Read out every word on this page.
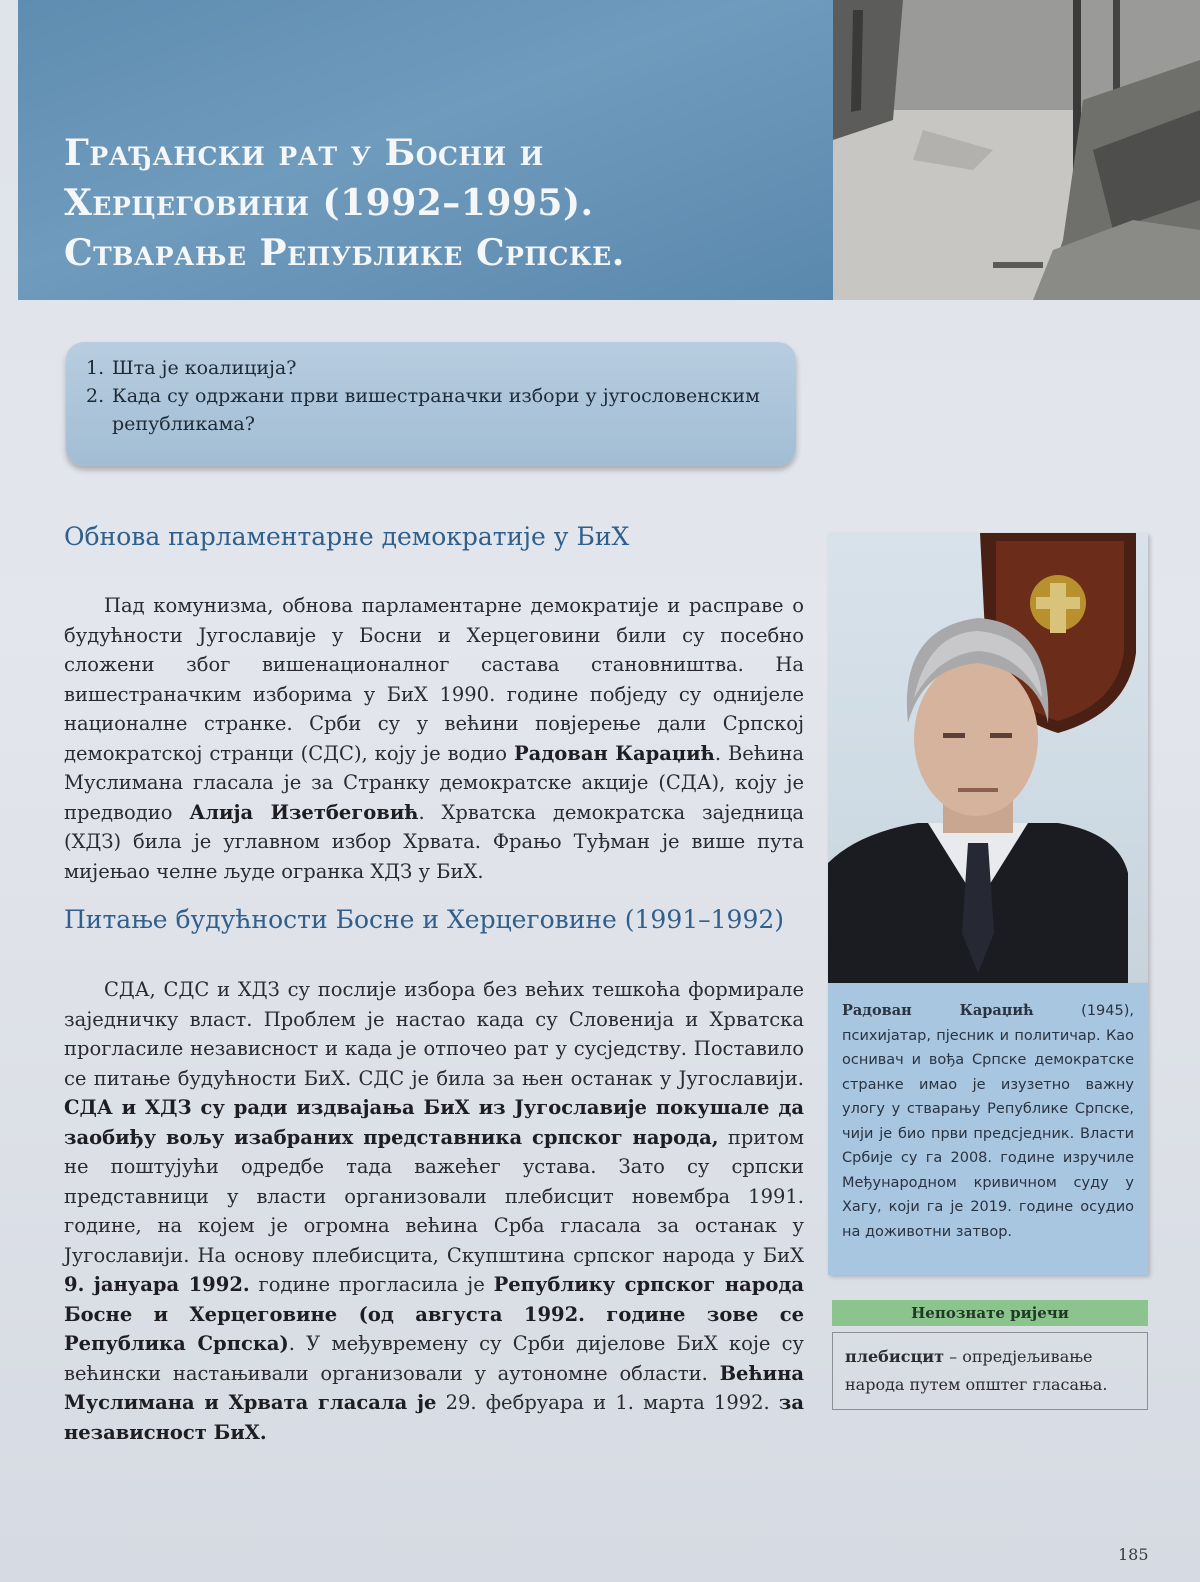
Грађански рат у Босни и
Херцеговини (1992–1995).
Стварање Републике Српске.
1. Шта је коалиција?
2. Када су одржани први вишестраначки избори у југословенским републикама?
Обнова парламентарне демократије у БиХ

Пад комунизма, обнова парламентарне демократије и расправе о будућности Југославије у Босни и Херцеговини били су посебно сложени због вишенационалног састава становништва. На вишестраначким изборима у БиХ 1990. године побједу су однијеле националне странке. Срби су у већини повјерење дали Српској демократској странци (СДС), коју је водио Радован Караџић. Већина Муслимана гласала је за Странку демократске акције (СДА), коју је предводио Алија Изетбеговић. Хрватска демократска заједница (ХДЗ) била је углавном избор Хрвата. Фрањо Туђман је више пута мијењао челне људе огранка ХДЗ у БиХ.

Питање будућности Босне и Херцеговине (1991–1992)

СДА, СДС и ХДЗ су послије избора без већих тешкоћа формирале заједничку власт. Проблем је настао када су Словенија и Хрватска прогласиле независност и када је отпочео рат у сусједству. Поставило се питање будућности БиХ. СДС је била за њен останак у Југославији. СДА и ХДЗ су ради издвајања БиХ из Југославије покушале да заобиђу вољу изабраних представника српског народа, притом не поштујући одредбе тада важећег устава. Зато су српски представници у власти организовали плебисцит новембра 1991. године, на којем је огромна већина Срба гласала за останак у Југославији. На основу плебисцита, Скупштина српског народа у БиХ 9. јануара 1992. године прогласила је Републику српског народа Босне и Херцеговине (од августа 1992. године зове се Република Српска). У међувремену су Срби дијелове БиХ које су већински настањивали организовали у аутономне области. Већина Муслимана и Хрвата гласала је 29. фебруара и 1. марта 1992. за независност БиХ.

Радован Караџић (1945), психијатар, пјесник и политичар. Као оснивач и вођа Српске демократске странке имао је изузетно важну улогу у стварању Републике Српске, чији је био први предсједник. Власти Србије су га 2008. године изручиле Међународном кривичном суду у Хагу, који га је 2019. године осудио на доживотни затвор.
Непознате ријечи
плебисцит – опредјељивање народа путем општег гласања.
185
